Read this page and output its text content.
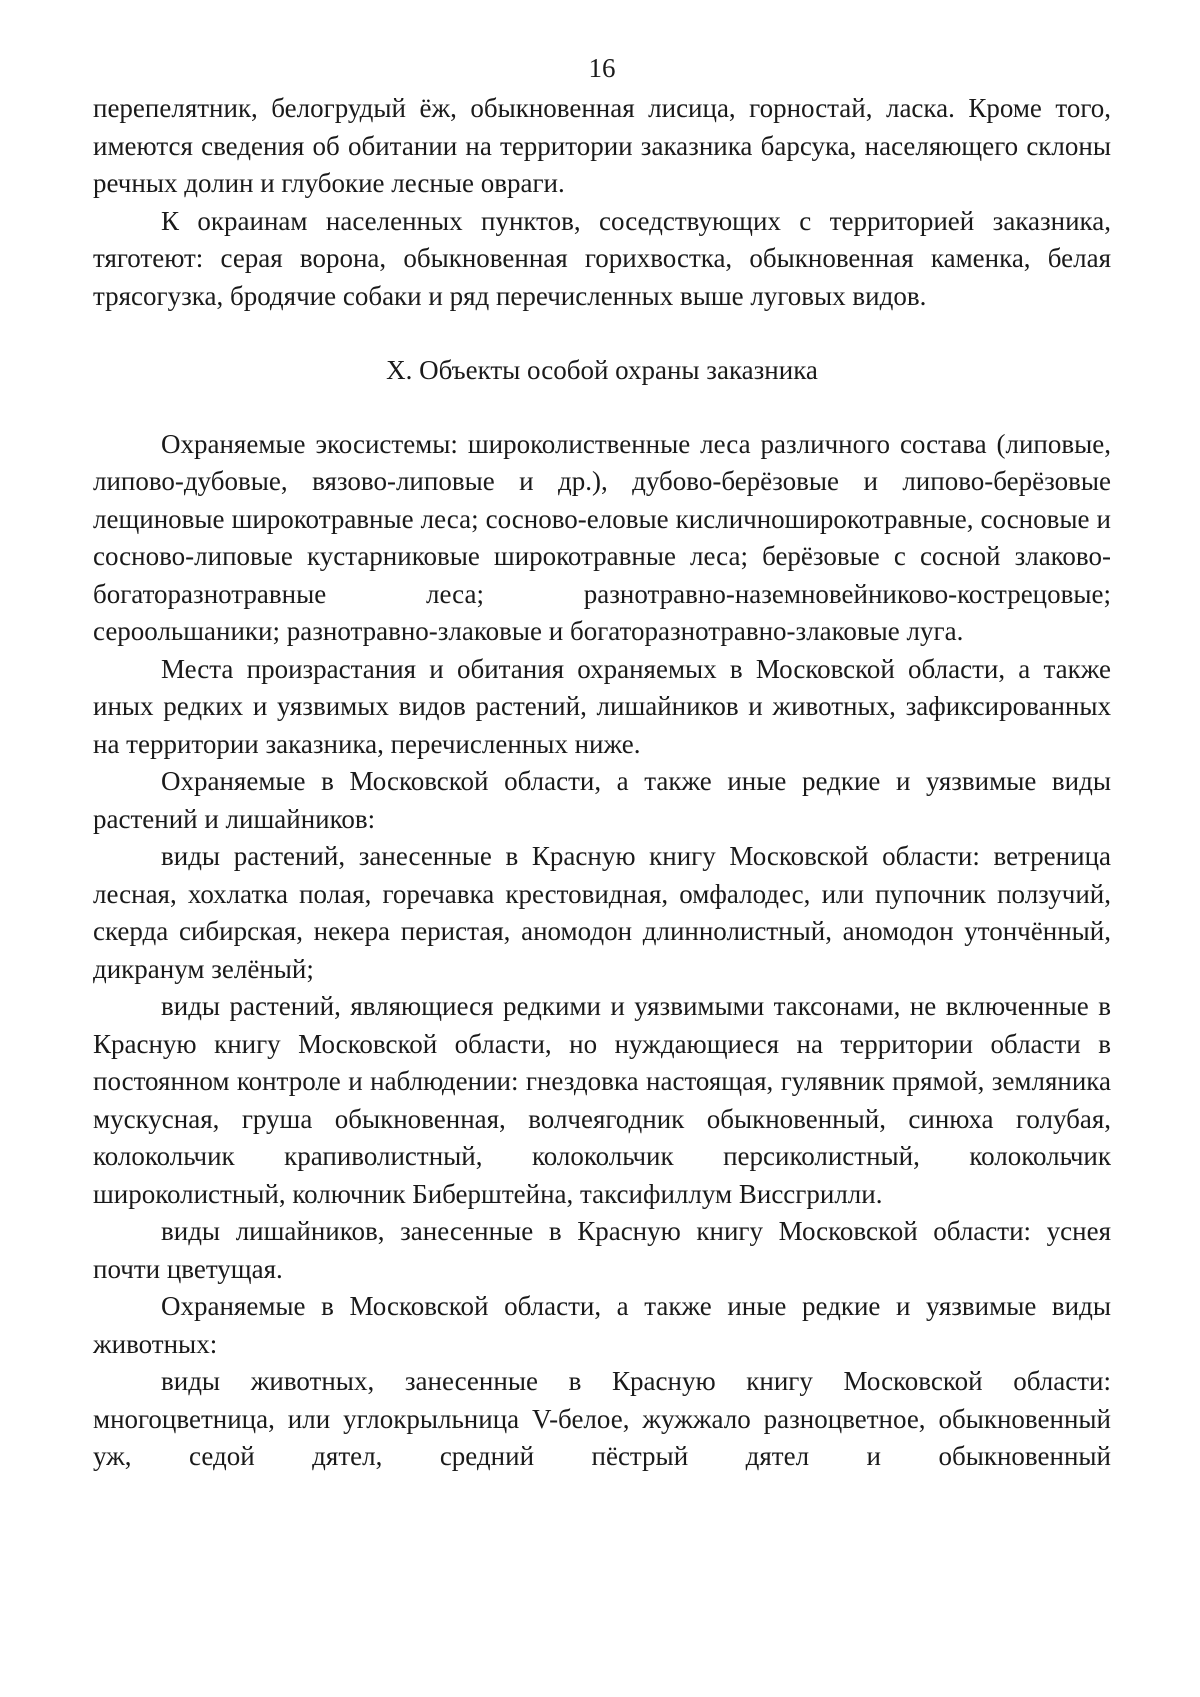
16

перепелятник, белогрудый ёж, обыкновенная лисица, горностай, ласка. Кроме того, имеются сведения об обитании на территории заказника барсука, населяющего склоны речных долин и глубокие лесные овраги.

К окраинам населенных пунктов, соседствующих с территорией заказника, тяготеют: серая ворона, обыкновенная горихвостка, обыкновенная каменка, белая трясогузка, бродячие собаки и ряд перечисленных выше луговых видов.

X. Объекты особой охраны заказника

Охраняемые экосистемы: широколиственные леса различного состава (липовые, липово-дубовые, вязово-липовые и др.), дубово-берёзовые и липово-берёзовые лещиновые широкотравные леса; сосново-еловые кисличноширокотравные, сосновые и сосново-липовые кустарниковые широкотравные леса; берёзовые с сосной злаково-богаторазнотравные леса; разнотравно-наземновейниково-кострецовые; сероольшаники; разнотравно-злаковые и богаторазнотравно-злаковые луга.

Места произрастания и обитания охраняемых в Московской области, а также иных редких и уязвимых видов растений, лишайников и животных, зафиксированных на территории заказника, перечисленных ниже.

Охраняемые в Московской области, а также иные редкие и уязвимые виды растений и лишайников:

виды растений, занесенные в Красную книгу Московской области: ветреница лесная, хохлатка полая, горечавка крестовидная, омфалодес, или пупочник ползучий, скерда сибирская, некера перистая, аномодон длиннолистный, аномодон утончённый, дикранум зелёный;

виды растений, являющиеся редкими и уязвимыми таксонами, не включенные в Красную книгу Московской области, но нуждающиеся на территории области в постоянном контроле и наблюдении: гнездовка настоящая, гулявник прямой, земляника мускусная, груша обыкновенная, волчеягодник обыкновенный, синюха голубая, колокольчик крапиволистный, колокольчик персиколистный, колокольчик широколистный, колючник Биберштейна, таксифиллум Виссгрилли.

виды лишайников, занесенные в Красную книгу Московской области: уснея почти цветущая.

Охраняемые в Московской области, а также иные редкие и уязвимые виды животных:

виды животных, занесенные в Красную книгу Московской области: многоцветница, или углокрыльница V-белое, жужжало разноцветное, обыкновенный уж, седой дятел, средний пёстрый дятел и обыкновенный
